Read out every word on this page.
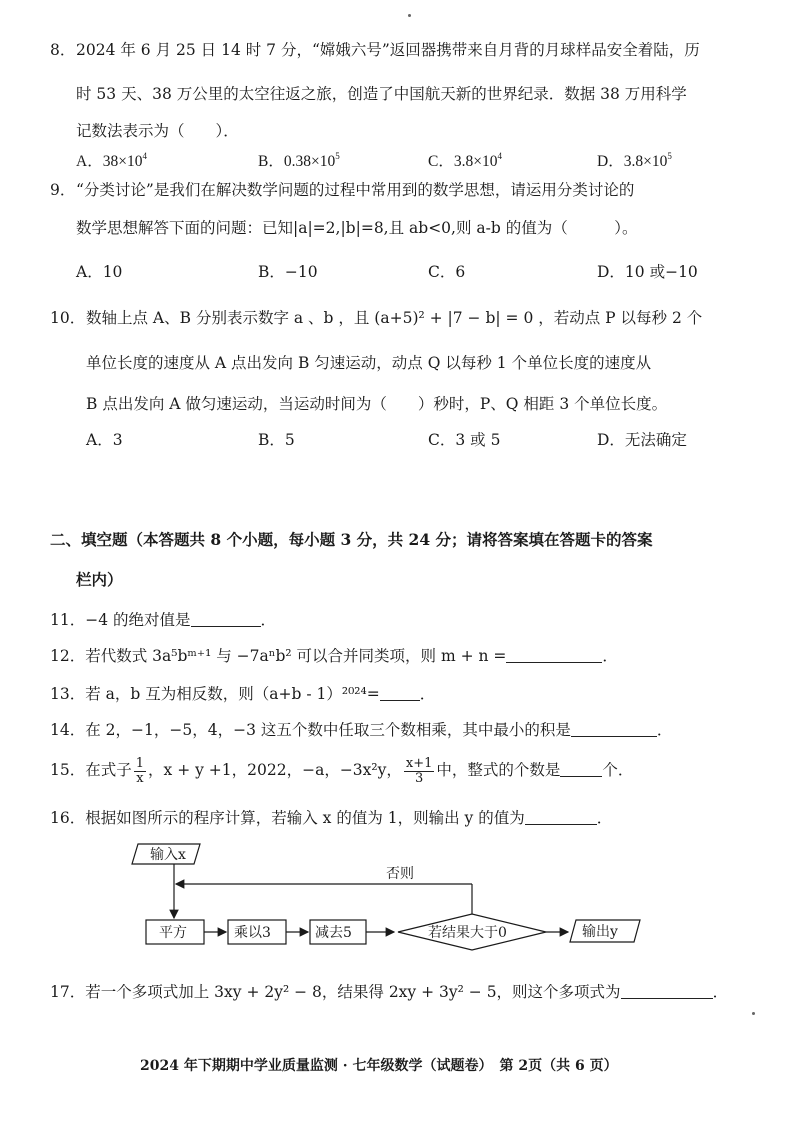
8． 2024 年 6 月 25 日 14 时 7 分，“嫦娥六号”返回器携带来自月背的月球样品安全着陆，历
时 53 天、38 万公里的太空往返之旅，创造了中国航天新的世界纪录．数据 38 万用科学
记数法表示为（　　）．
A．$38\times 10^4$	B．$0.38\times 10^5$	C．$3.8\times 10^4$	D．$3.8\times 10^5$
9． “分类讨论”是我们在解决数学问题的过程中常用到的数学思想，请运用分类讨论的
数学思想解答下面的问题：已知|a|=2,|b|=8,且 ab<0,则 a-b 的值为（　　　）。
A．10	B．−10	C．6	D．10 或−10
10． 数轴上点 A、B 分别表示数字 a 、b ，且 (a+5)² + |7 − b| = 0 ，若动点 P 以每秒 2 个
单位长度的速度从 A 点出发向 B 匀速运动，动点 Q 以每秒 1 个单位长度的速度从
B 点出发向 A 做匀速运动，当运动时间为（　　）秒时，P、Q 相距 3 个单位长度。
A．3	B．5	C．3 或 5	D．无法确定
二、填空题（本答题共 8 个小题，每小题 3 分，共 24 分；请将答案填在答题卡的答案
栏内）
11．−4 的绝对值是	．
12．若代数式 3a⁵bᵐ⁺¹ 与 −7aⁿb² 可以合并同类项，则 m + n =	．
13．若 a，b 互为相反数，则（a+b - 1）²⁰²⁴=	．
14．在 2，−1，−5，4，−3 这五个数中任取三个数相乘，其中最小的积是	．
15．在式子 $\frac{1}{x}$ ，x + y +1，2022，−a，−3x²y， $\frac{x+1}{3}$ 中，整式的个数是	个．
16．根据如图所示的程序计算，若输入 x 的值为 1，则输出 y 的值为	．
输入x
平方	乘以3	减去5	若结果大于0	输出y
否则
17．若一个多项式加上 3xy + 2y² − 8，结果得 2xy + 3y² − 5，则这个多项式为	．
2024 年下期期中学业质量监测 · 七年级数学（试题卷）　第 2页（共 6 页）
